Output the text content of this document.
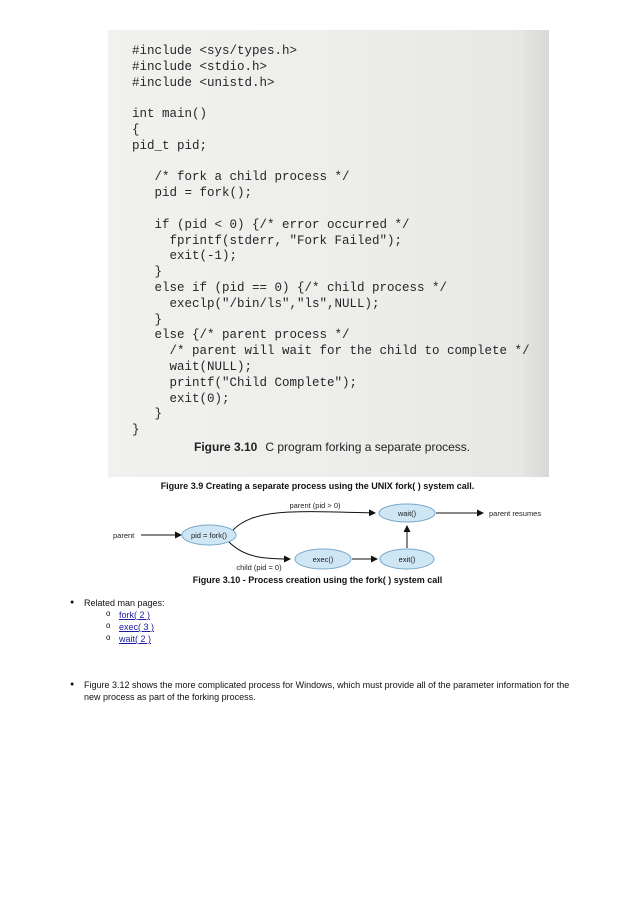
#include <sys/types.h>
#include <stdio.h>
#include <unistd.h>

int main()
{
pid_t pid;

/* fork a child process */
pid = fork();

if (pid < 0) {/* error occurred */
fprintf(stderr, "Fork Failed");
exit(-1);
}
else if (pid == 0) {/* child process */
execlp("/bin/ls","ls",NULL);
}
else {/* parent process */
/* parent will wait for the child to complete */
wait(NULL);
printf("Child Complete");
exit(0);
}
}
Figure 3.10 C program forking a separate process.
Figure 3.9 Creating a separate process using the UNIX fork( ) system call.
parent	pid = fork()
parent (pid > 0)
wait()	parent resumes
child (pid = 0)
exec()	exit()
Figure 3.10 - Process creation using the fork( ) system call
● Related man pages:
o fork( 2 )
o exec( 3 )
o wait( 2 )
● Figure 3.12 shows the more complicated process for Windows, which must provide all of the parameter information for the new process as part of the forking process.
